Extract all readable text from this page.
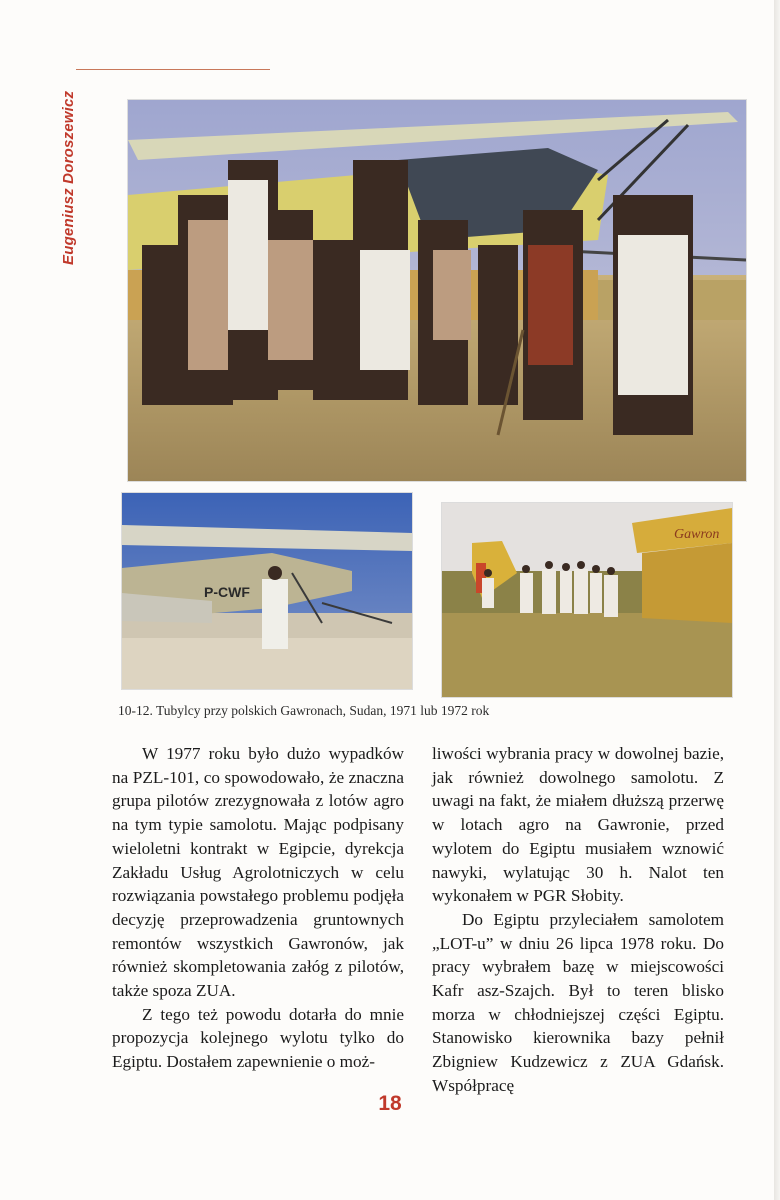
Eugeniusz Doroszewicz
P-CWF
Gawron
10-12. Tubylcy przy polskich Gawronach, Sudan, 1971 lub 1972 rok

W 1977 roku było dużo wypadków na PZL-101, co spowodowało, że znaczna grupa pilotów zrezygnowała z lotów agro na tym typie samolotu. Mając podpisany wieloletni kontrakt w Egipcie, dyrekcja Zakładu Usług Agrolotniczych w celu rozwiązania powstałego problemu podjęła decyzję przeprowadzenia gruntownych remontów wszystkich Gawronów, jak również skompletowania załóg z pilotów, także spoza ZUA.

Z tego też powodu dotarła do mnie propozycja kolejnego wylotu tylko do Egiptu. Dostałem zapewnienie o moż-

liwości wybrania pracy w dowolnej bazie, jak również dowolnego samolotu. Z uwagi na fakt, że miałem dłuższą przerwę w lotach agro na Gawronie, przed wylotem do Egiptu musiałem wznowić nawyki, wylatując 30 h. Nalot ten wykonałem w PGR Słobity.

Do Egiptu przyleciałem samolotem „LOT-u” w dniu 26 lipca 1978 roku. Do pracy wybrałem bazę w miejscowości Kafr asz-Szajch. Był to teren blisko morza w chłodniejszej części Egiptu. Stanowisko kierownika bazy pełnił Zbigniew Kudzewicz z ZUA Gdańsk. Współpracę

18
